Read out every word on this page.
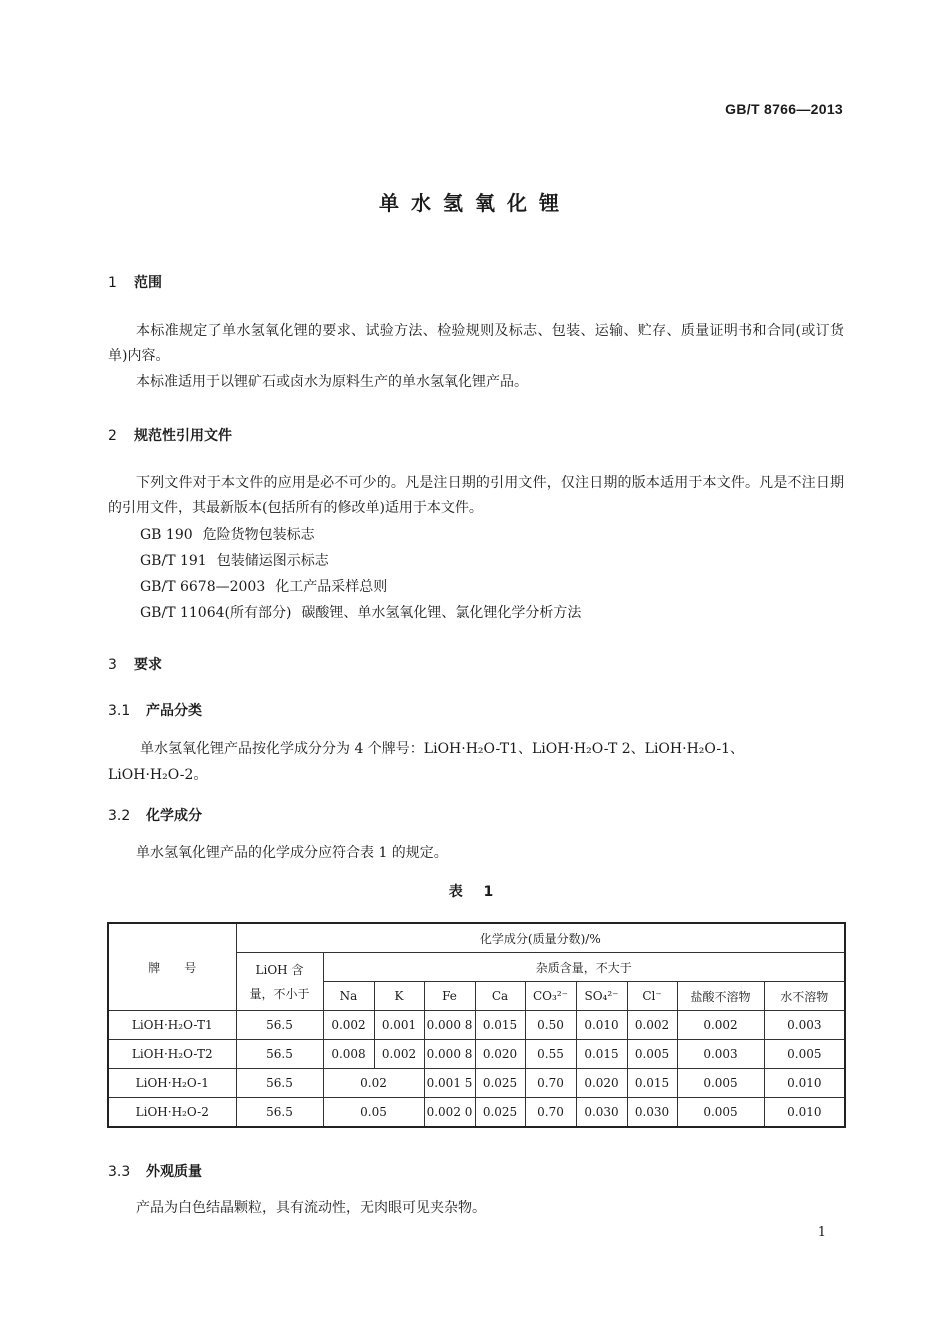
GB/T 8766—2013
单水氢氧化锂
1 范围
本标准规定了单水氢氧化锂的要求、试验方法、检验规则及标志、包装、运输、贮存、质量证明书和合同(或订货单)内容。
本标准适用于以锂矿石或卤水为原料生产的单水氢氧化锂产品。
2 规范性引用文件
下列文件对于本文件的应用是必不可少的。凡是注日期的引用文件，仅注日期的版本适用于本文件。凡是不注日期的引用文件，其最新版本(包括所有的修改单)适用于本文件。
GB 190 危险货物包装标志
GB/T 191 包装储运图示标志
GB/T 6678—2003 化工产品采样总则
GB/T 11064(所有部分) 碳酸锂、单水氢氧化锂、氯化锂化学分析方法
3 要求
3.1 产品分类
单水氢氧化锂产品按化学成分分为 4 个牌号：LiOH·H₂O-T1、LiOH·H₂O-T 2、LiOH·H₂O-1、
LiOH·H₂O-2。
3.2 化学成分
单水氢氧化锂产品的化学成分应符合表 1 的规定。
表 1
牌　　号	化学成分(质量分数)/%									
	LiOH 含量，不小于	杂质含量，不大于								
		Na	K	Fe	Ca	CO₃²⁻	SO₄²⁻	Cl⁻	盐酸不溶物	水不溶物
LiOH·H₂O-T1	56.5	0.002	0.001	0.000 8	0.015	0.50	0.010	0.002	0.002	0.003
LiOH·H₂O-T2	56.5	0.008	0.002	0.000 8	0.020	0.55	0.015	0.005	0.003	0.005
LiOH·H₂O-1	56.5	0.02		0.001 5	0.025	0.70	0.020	0.015	0.005	0.010
LiOH·H₂O-2	56.5	0.05		0.002 0	0.025	0.70	0.030	0.030	0.005	0.010
3.3 外观质量
产品为白色结晶颗粒，具有流动性，无肉眼可见夹杂物。
1
